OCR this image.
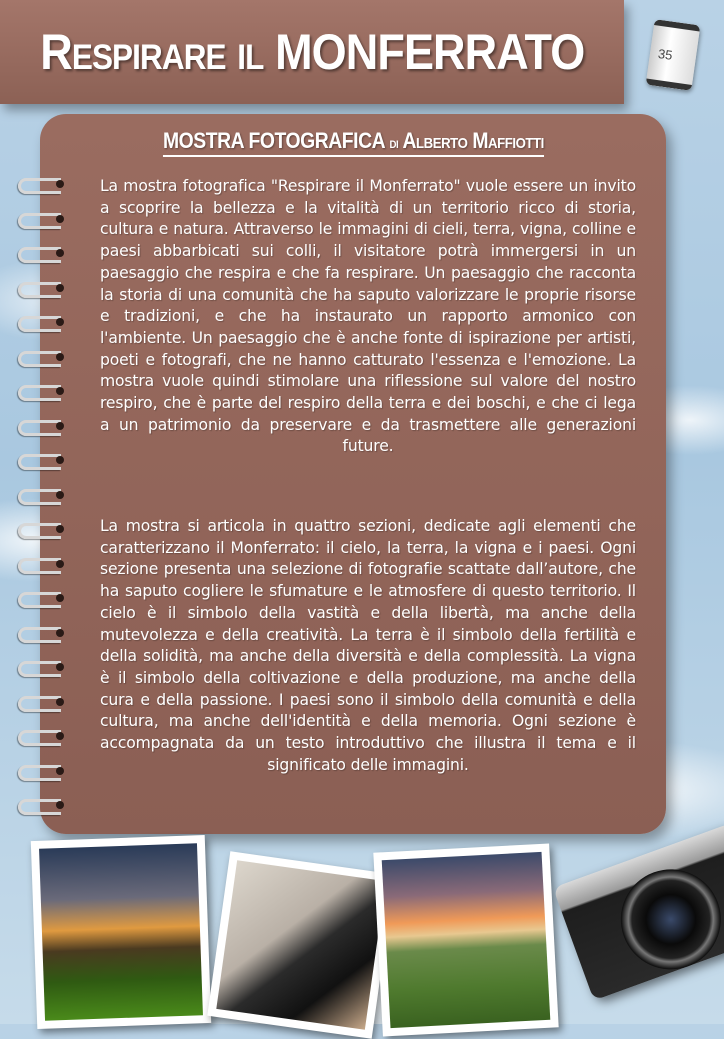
Respirare il MONFERRATO	35
MOSTRA FOTOGRAFICA di Alberto Maffiotti
La mostra fotografica "Respirare il Monferrato" vuole essere un invito a scoprire la bellezza e la vitalità di un territorio ricco di storia, cultura e natura. Attraverso le immagini di cieli, terra, vigna, colline e paesi abbarbicati sui colli, il visitatore potrà immergersi in un paesaggio che respira e che fa respirare. Un paesaggio che racconta la storia di una comunità che ha saputo valorizzare le proprie risorse e tradizioni, e che ha instaurato un rapporto armonico con l'ambiente. Un paesaggio che è anche fonte di ispirazione per artisti, poeti e fotografi, che ne hanno catturato l'essenza e l'emozione. La mostra vuole quindi stimolare una riflessione sul valore del nostro respiro, che è parte del respiro della terra e dei boschi, e che ci lega a un patrimonio da preservare e da trasmettere alle generazioni future.
La mostra si articola in quattro sezioni, dedicate agli elementi che caratterizzano il Monferrato: il cielo, la terra, la vigna e i paesi. Ogni sezione presenta una selezione di fotografie scattate dall’autore, che ha saputo cogliere le sfumature e le atmosfere di questo territorio. Il cielo è il simbolo della vastità e della libertà, ma anche della mutevolezza e della creatività. La terra è il simbolo della fertilità e della solidità, ma anche della diversità e della complessità. La vigna è il simbolo della coltivazione e della produzione, ma anche della cura e della passione. I paesi sono il simbolo della comunità e della cultura, ma anche dell'identità e della memoria. Ogni sezione è accompagnata da un testo introduttivo che illustra il tema e il significato delle immagini.
